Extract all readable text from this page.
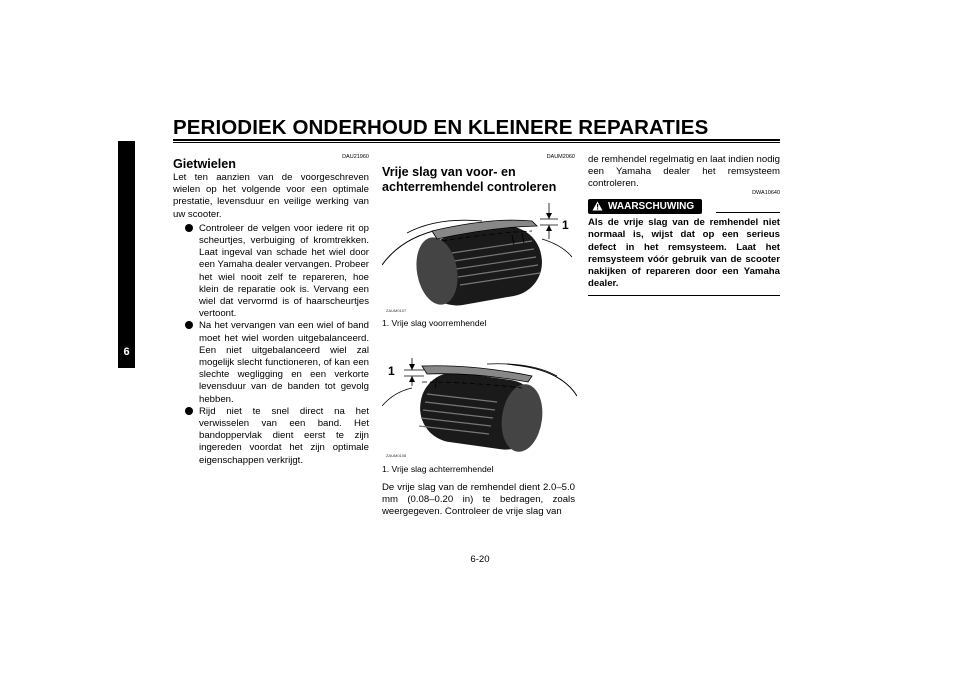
PERIODIEK ONDERHOUD EN KLEINERE REPARATIES
6
DAU21960
Gietwielen
Let ten aanzien van de voorgeschreven wielen op het volgende voor een optimale prestatie, levensduur en veilige werking van uw scooter.
Controleer de velgen voor iedere rit op scheurtjes, verbuiging of kromtrekken. Laat ingeval van schade het wiel door een Yamaha dealer vervangen. Probeer het wiel nooit zelf te repareren, hoe klein de reparatie ook is. Vervang een wiel dat vervormd is of haarscheurtjes vertoont.
Na het vervangen van een wiel of band moet het wiel worden uitgebalanceerd. Een niet uitgebalanceerd wiel zal mogelijk slecht functioneren, of kan een slechte wegligging en een verkorte levensduur van de banden tot gevolg hebben.
Rijd niet te snel direct na het verwisselen van een band. Het bandoppervlak dient eerst te zijn ingereden voordat het zijn optimale eigenschappen verkrijgt.
DAUM2060
Vrije slag van voor- en
achterremhendel controleren
1
ZAUM0107
1. Vrije slag voorremhendel
1
ZAUM0108
1. Vrije slag achterremhendel
De vrije slag van de remhendel dient 2.0–5.0 mm (0.08–0.20 in) te bedragen, zoals weergegeven. Controleer de vrije slag van
de remhendel regelmatig en laat indien nodig een Yamaha dealer het remsysteem controleren.
DWA10640
WAARSCHUWING
Als de vrije slag van de remhendel niet normaal is, wijst dat op een serieus defect in het remsysteem. Laat het remsysteem vóór gebruik van de scooter nakijken of repareren door een Yamaha dealer.
6-20
